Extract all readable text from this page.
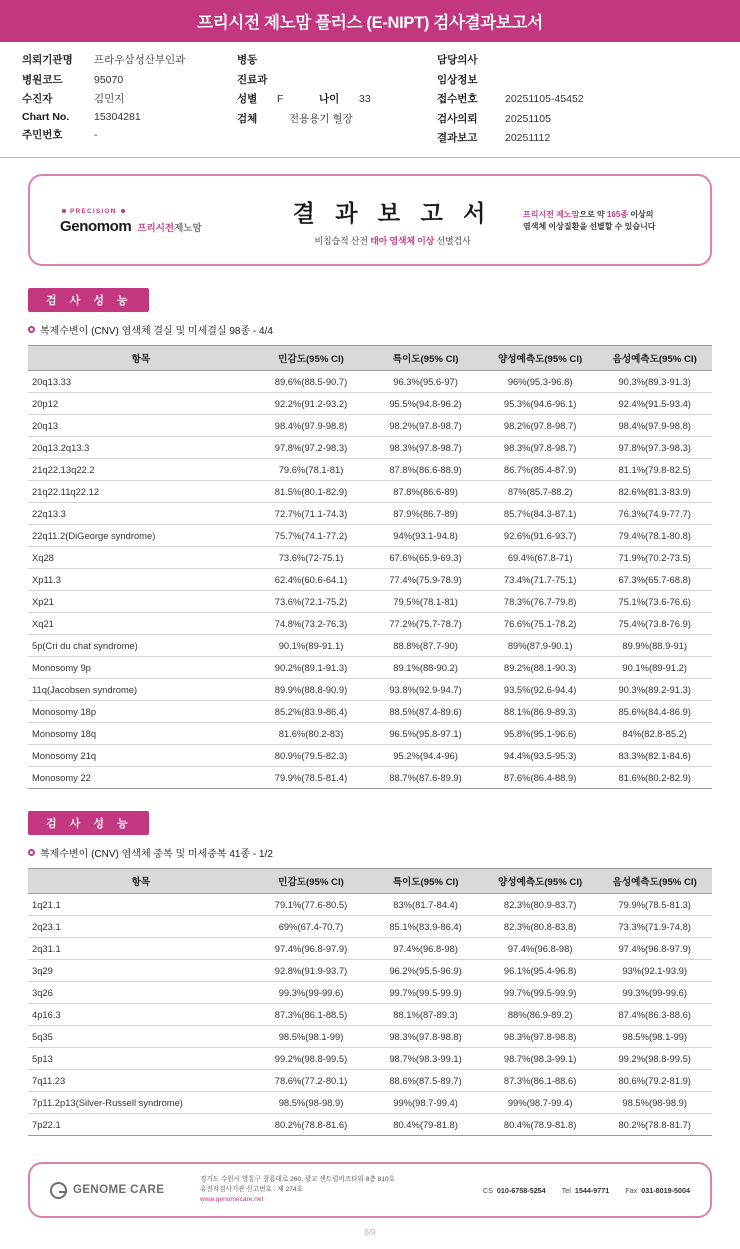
프리시전 제노맘 플러스 (E-NIPT) 검사결과보고서
의뢰기관명	프라우삼성산부인과
병원코드	95070
수진자	김민지
Chart No.	15304281
주민번호	-
병동
진료과
성별	F	나이	33
검체	전용용기 혈장
담당의사
임상정보
접수번호	20251105-45452
검사의뢰	20251105
결과보고	20251112
PRECISION
Genomom 프리시전제노맘
결 과 보 고 서
비침습적 산전 태아 염색체 이상 선별검사
프리시전 제노맘으로 약 165종 이상의
염색체 이상질환을 선별할 수 있습니다
검 사 성 능
복제수변이 (CNV) 염색체 결실 및 미세결실 98종 - 4/4
항목	민감도(95% CI)	특이도(95% CI)	양성예측도(95% CI)	음성예측도(95% CI)
20q13.33	89.6%(88.5-90.7)	96.3%(95.6-97)	96%(95.3-96.8)	90.3%(89.3-91.3)
20p12	92.2%(91.2-93.2)	95.5%(94.8-96.2)	95.3%(94.6-96.1)	92.4%(91.5-93.4)
20q13	98.4%(97.9-98.8)	98.2%(97.8-98.7)	98.2%(97.8-98.7)	98.4%(97.9-98.8)
20q13.2q13.3	97.8%(97.2-98.3)	98.3%(97.8-98.7)	98.3%(97.8-98.7)	97.8%(97.3-98.3)
21q22.13q22.2	79.6%(78.1-81)	87.8%(86.6-88.9)	86.7%(85.4-87.9)	81.1%(79.8-82.5)
21q22.11q22.12	81.5%(80.1-82.9)	87.8%(86.6-89)	87%(85.7-88.2)	82.6%(81.3-83.9)
22q13.3	72.7%(71.1-74.3)	87.9%(86.7-89)	85.7%(84.3-87.1)	76.3%(74.9-77.7)
22q11.2(DiGeorge syndrome)	75.7%(74.1-77.2)	94%(93.1-94.8)	92.6%(91.6-93.7)	79.4%(78.1-80.8)
Xq28	73.6%(72-75.1)	67.6%(65.9-69.3)	69.4%(67.8-71)	71.9%(70.2-73.5)
Xp11.3	62.4%(60.6-64.1)	77.4%(75.9-78.9)	73.4%(71.7-75.1)	67.3%(65.7-68.8)
Xp21	73.6%(72.1-75.2)	79.5%(78.1-81)	78.3%(76.7-79.8)	75.1%(73.6-76.6)
Xq21	74.8%(73.2-76.3)	77.2%(75.7-78.7)	76.6%(75.1-78.2)	75.4%(73.8-76.9)
5p(Cri du chat syndrome)	90.1%(89-91.1)	88.8%(87.7-90)	89%(87.9-90.1)	89.9%(88.9-91)
Monosomy 9p	90.2%(89.1-91.3)	89.1%(88-90.2)	89.2%(88.1-90.3)	90.1%(89-91.2)
11q(Jacobsen syndrome)	89.9%(88.8-90.9)	93.8%(92.9-94.7)	93.5%(92.6-94.4)	90.3%(89.2-91.3)
Monosomy 18p	85.2%(83.9-86.4)	88.5%(87.4-89.6)	88.1%(86.9-89.3)	85.6%(84.4-86.9)
Monosomy 18q	81.6%(80.2-83)	96.5%(95.8-97.1)	95.8%(95.1-96.6)	84%(82.8-85.2)
Monosomy 21q	80.9%(79.5-82.3)	95.2%(94.4-96)	94.4%(93.5-95.3)	83.3%(82.1-84.6)
Monosomy 22	79.9%(78.5-81.4)	88.7%(87.6-89.9)	87.6%(86.4-88.9)	81.6%(80.2-82.9)
검 사 성 능
복제수변이 (CNV) 염색체 중복 및 미세중복 41종 - 1/2
항목	민감도(95% CI)	특이도(95% CI)	양성예측도(95% CI)	음성예측도(95% CI)
1q21.1	79.1%(77.6-80.5)	83%(81.7-84.4)	82.3%(80.9-83.7)	79.9%(78.5-81.3)
2q23.1	69%(67.4-70.7)	85.1%(83.9-86.4)	82.3%(80.8-83.8)	73.3%(71.9-74.8)
2q31.1	97.4%(96.8-97.9)	97.4%(96.8-98)	97.4%(96.8-98)	97.4%(96.8-97.9)
3q29	92.8%(91.9-93.7)	96.2%(95.5-96.9)	96.1%(95.4-96.8)	93%(92.1-93.9)
3q26	99.3%(99-99.6)	99.7%(99.5-99.9)	99.7%(99.5-99.9)	99.3%(99-99.6)
4p16.3	87.3%(86.1-88.5)	88.1%(87-89.3)	88%(86.9-89.2)	87.4%(86.3-88.6)
5q35	98.5%(98.1-99)	98.3%(97.8-98.8)	98.3%(97.8-98.8)	98.5%(98.1-99)
5p13	99.2%(98.8-99.5)	98.7%(98.3-99.1)	98.7%(98.3-99.1)	99.2%(98.8-99.5)
7q11.23	78.6%(77.2-80.1)	88.6%(87.5-89.7)	87.3%(86.1-88.6)	80.6%(79.2-81.9)
7p11.2p13(Silver-Russell syndrome)	98.5%(98-98.9)	99%(98.7-99.4)	99%(98.7-99.4)	98.5%(98-98.9)
7p22.1	80.2%(78.8-81.6)	80.4%(79-81.8)	80.4%(78.9-81.8)	80.2%(78.8-81.7)
GENOME CARE
경기도 수원시 영통구 창룡대로 260, 광교 센트럴비즈타워 8층 810호
유전자검사기관 신고번호 : 제 274호
www.genomecare.net
CS 010-6758-5254 Tel 1544-9771 Fax 031-8019-5004
8/9
